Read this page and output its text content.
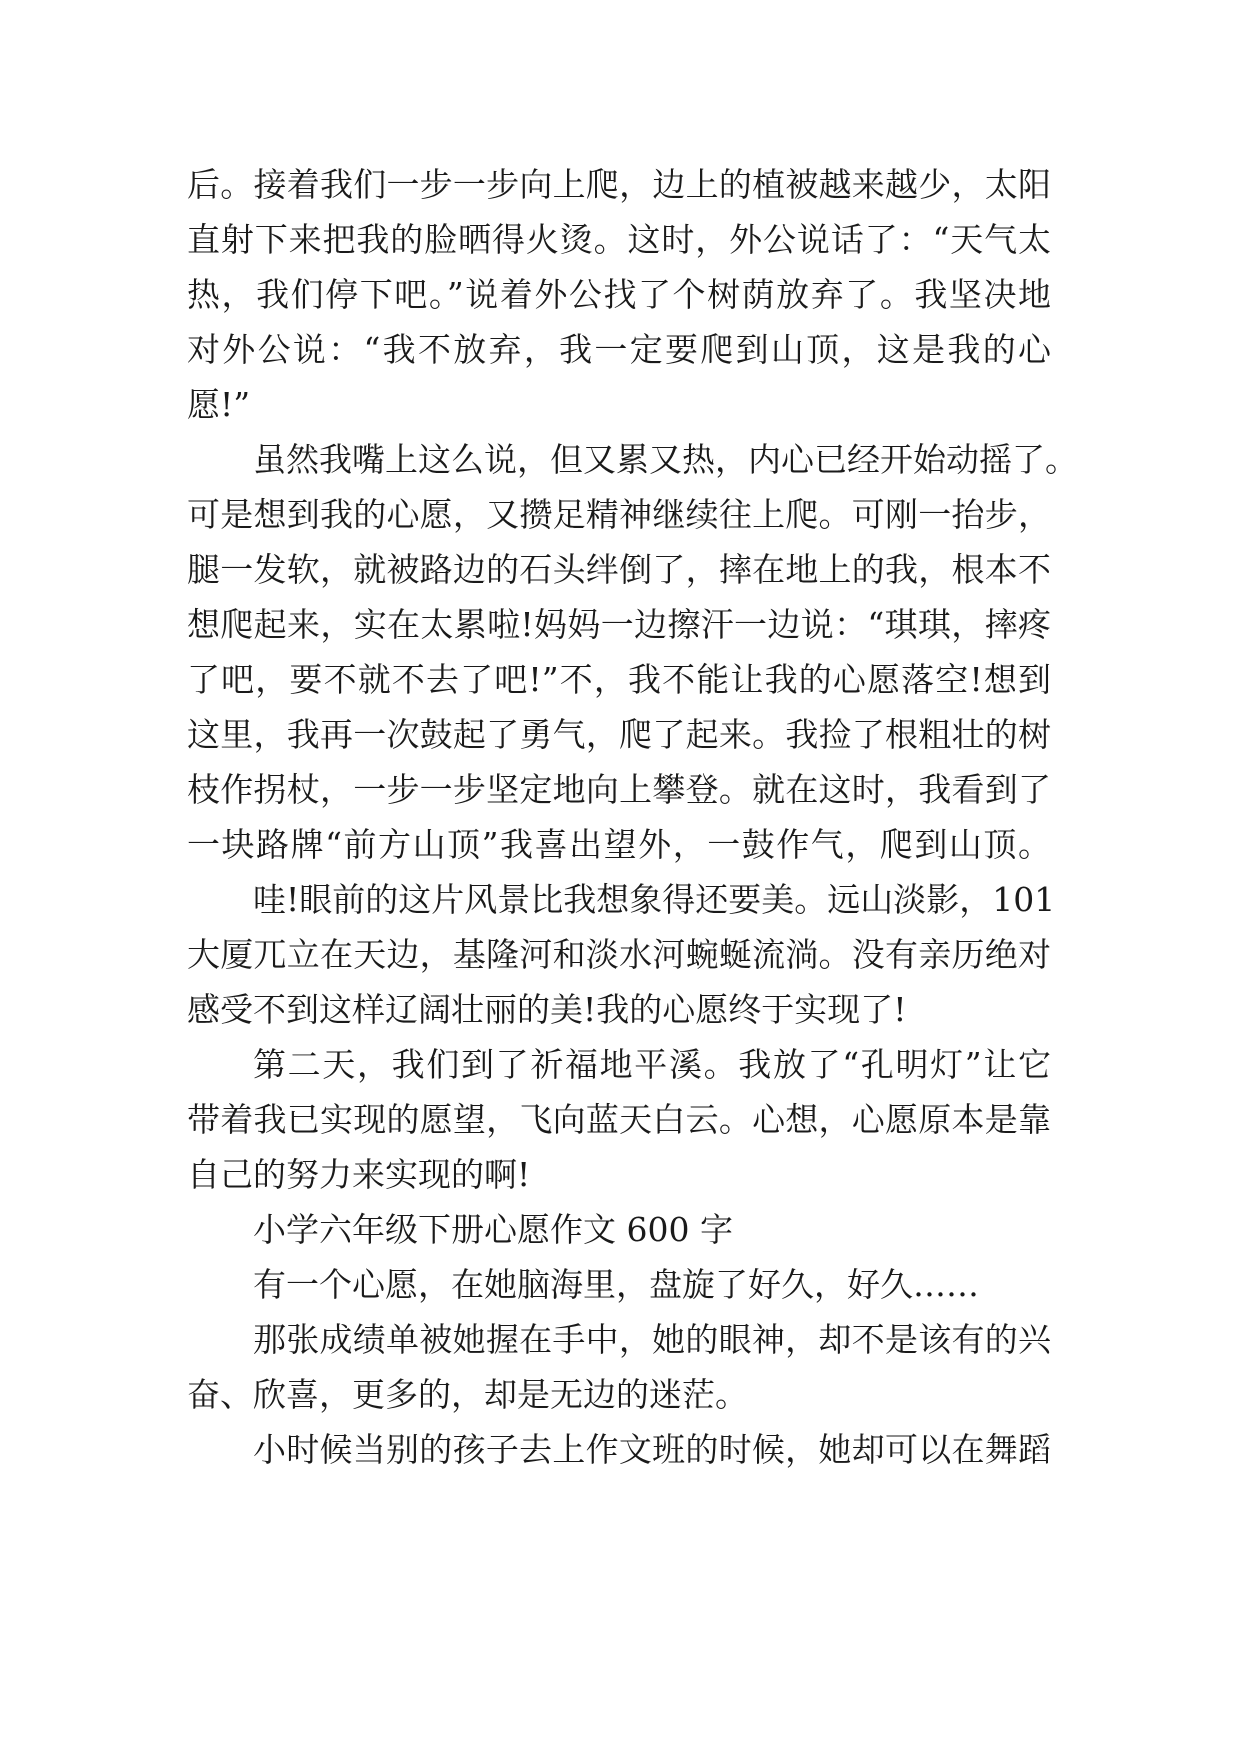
后。接着我们一步一步向上爬，边上的植被越来越少，太阳

直射下来把我的脸晒得火烫。这时，外公说话了：“天气太

热，我们停下吧。”说着外公找了个树荫放弃了。我坚决地

对外公说：“我不放弃，我一定要爬到山顶，这是我的心

愿!”

虽然我嘴上这么说，但又累又热，内心已经开始动摇了。

可是想到我的心愿，又攒足精神继续往上爬。可刚一抬步，

腿一发软，就被路边的石头绊倒了，摔在地上的我，根本不

想爬起来，实在太累啦!妈妈一边擦汗一边说：“琪琪，摔疼

了吧，要不就不去了吧!”不，我不能让我的心愿落空!想到

这里，我再一次鼓起了勇气，爬了起来。我捡了根粗壮的树

枝作拐杖，一步一步坚定地向上攀登。就在这时，我看到了

一块路牌“前方山顶”我喜出望外，一鼓作气，爬到山顶。

哇!眼前的这片风景比我想象得还要美。远山淡影，101

大厦兀立在天边，基隆河和淡水河蜿蜒流淌。没有亲历绝对

感受不到这样辽阔壮丽的美!我的心愿终于实现了!

第二天，我们到了祈福地平溪。我放了“孔明灯”让它

带着我已实现的愿望，飞向蓝天白云。心想，心愿原本是靠

自己的努力来实现的啊!

小学六年级下册心愿作文 600 字

有一个心愿，在她脑海里，盘旋了好久，好久……

那张成绩单被她握在手中，她的眼神，却不是该有的兴

奋、欣喜，更多的，却是无边的迷茫。

小时候当别的孩子去上作文班的时候，她却可以在舞蹈
